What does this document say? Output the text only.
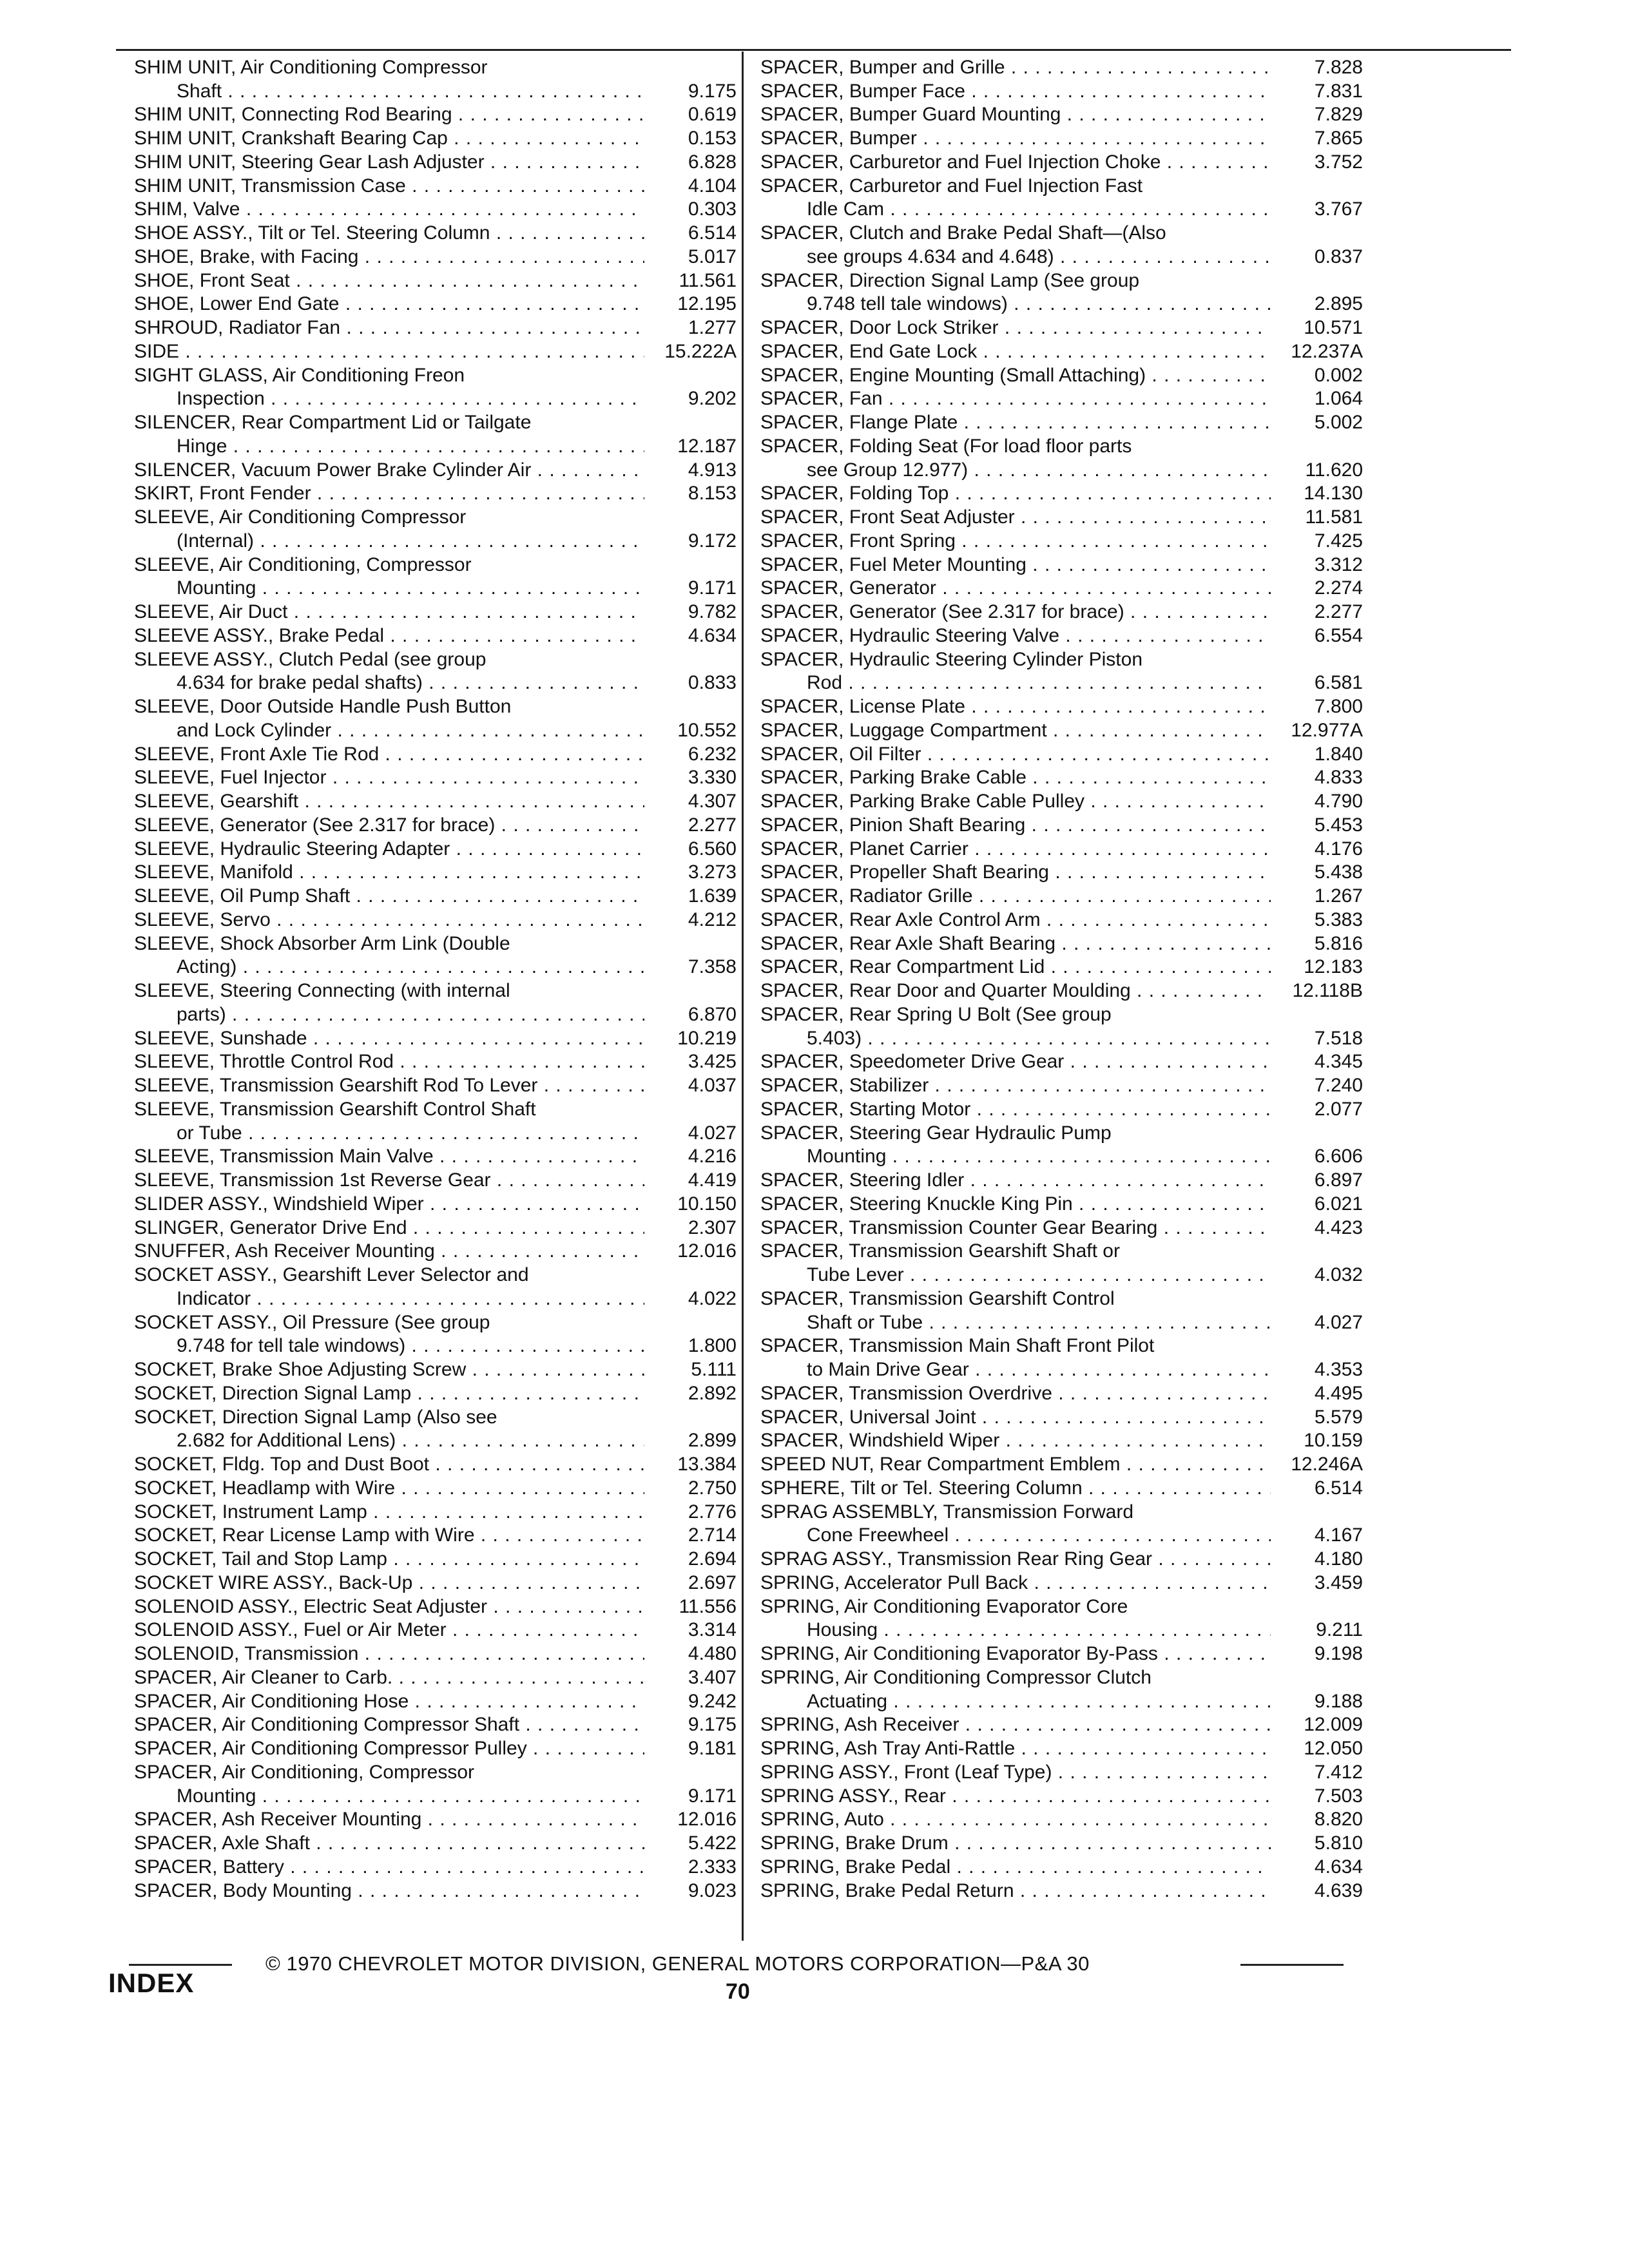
SHIM UNIT, Air Conditioning Compressor
Shaft . . .	9.175
SHIM UNIT, Connecting Rod Bearing . . .	0.619
SHIM UNIT, Crankshaft Bearing Cap . . .	0.153
SHIM UNIT, Steering Gear Lash Adjuster . . .	6.828
SHIM UNIT, Transmission Case . . .	4.104
SHIM, Valve . . .	0.303
SHOE ASSY., Tilt or Tel. Steering Column . . .	6.514
SHOE, Brake, with Facing . . .	5.017
SHOE, Front Seat . . .	11.561
SHOE, Lower End Gate . . .	12.195
SHROUD, Radiator Fan . . .	1.277
SIDE . . .	15.222A
SIGHT GLASS, Air Conditioning Freon
Inspection . . .	9.202
SILENCER, Rear Compartment Lid or Tailgate
Hinge . . .	12.187
SILENCER, Vacuum Power Brake Cylinder Air . . .	4.913
SKIRT, Front Fender . . .	8.153
SLEEVE, Air Conditioning Compressor
(Internal) . . .	9.172
SLEEVE, Air Conditioning, Compressor
Mounting . . .	9.171
SLEEVE, Air Duct . . .	9.782
SLEEVE ASSY., Brake Pedal . . .	4.634
SLEEVE ASSY., Clutch Pedal (see group
4.634 for brake pedal shafts) . . .	0.833
SLEEVE, Door Outside Handle Push Button
and Lock Cylinder . . .	10.552
SLEEVE, Front Axle Tie Rod . . .	6.232
SLEEVE, Fuel Injector . . .	3.330
SLEEVE, Gearshift . . .	4.307
SLEEVE, Generator (See 2.317 for brace) . . .	2.277
SLEEVE, Hydraulic Steering Adapter . . .	6.560
SLEEVE, Manifold . . .	3.273
SLEEVE, Oil Pump Shaft . . .	1.639
SLEEVE, Servo . . .	4.212
SLEEVE, Shock Absorber Arm Link (Double
Acting) . . .	7.358
SLEEVE, Steering Connecting (with internal
parts) . . .	6.870
SLEEVE, Sunshade . . .	10.219
SLEEVE, Throttle Control Rod . . .	3.425
SLEEVE, Transmission Gearshift Rod To Lever . . .	4.037
SLEEVE, Transmission Gearshift Control Shaft
or Tube . . .	4.027
SLEEVE, Transmission Main Valve . . .	4.216
SLEEVE, Transmission 1st Reverse Gear . . .	4.419
SLIDER ASSY., Windshield Wiper . . .	10.150
SLINGER, Generator Drive End . . .	2.307
SNUFFER, Ash Receiver Mounting . . .	12.016
SOCKET ASSY., Gearshift Lever Selector and
Indicator . . .	4.022
SOCKET ASSY., Oil Pressure (See group
9.748 for tell tale windows) . . .	1.800
SOCKET, Brake Shoe Adjusting Screw . . .	5.111
SOCKET, Direction Signal Lamp . . .	2.892
SOCKET, Direction Signal Lamp (Also see
2.682 for Additional Lens) . . .	2.899
SOCKET, Fldg. Top and Dust Boot . . .	13.384
SOCKET, Headlamp with Wire . . .	2.750
SOCKET, Instrument Lamp . . .	2.776
SOCKET, Rear License Lamp with Wire . . .	2.714
SOCKET, Tail and Stop Lamp . . .	2.694
SOCKET WIRE ASSY., Back-Up . . .	2.697
SOLENOID ASSY., Electric Seat Adjuster . . .	11.556
SOLENOID ASSY., Fuel or Air Meter . . .	3.314
SOLENOID, Transmission . . .	4.480
SPACER, Air Cleaner to Carb. . . .	3.407
SPACER, Air Conditioning Hose . . .	9.242
SPACER, Air Conditioning Compressor Shaft . . .	9.175
SPACER, Air Conditioning Compressor Pulley . . .	9.181
SPACER, Air Conditioning, Compressor
Mounting . . .	9.171
SPACER, Ash Receiver Mounting . . .	12.016
SPACER, Axle Shaft . . .	5.422
SPACER, Battery . . .	2.333
SPACER, Body Mounting . . .	9.023
SPACER, Bumper and Grille . . .	7.828
SPACER, Bumper Face . . .	7.831
SPACER, Bumper Guard Mounting . . .	7.829
SPACER, Bumper . . .	7.865
SPACER, Carburetor and Fuel Injection Choke . . .	3.752
SPACER, Carburetor and Fuel Injection Fast
Idle Cam . . .	3.767
SPACER, Clutch and Brake Pedal Shaft—(Also
see groups 4.634 and 4.648) . . .	0.837
SPACER, Direction Signal Lamp (See group
9.748 tell tale windows) . . .	2.895
SPACER, Door Lock Striker . . .	10.571
SPACER, End Gate Lock . . .	12.237A
SPACER, Engine Mounting (Small Attaching) . . .	0.002
SPACER, Fan . . .	1.064
SPACER, Flange Plate . . .	5.002
SPACER, Folding Seat (For load floor parts
see Group 12.977) . . .	11.620
SPACER, Folding Top . . .	14.130
SPACER, Front Seat Adjuster . . .	11.581
SPACER, Front Spring . . .	7.425
SPACER, Fuel Meter Mounting . . .	3.312
SPACER, Generator . . .	2.274
SPACER, Generator (See 2.317 for brace) . . .	2.277
SPACER, Hydraulic Steering Valve . . .	6.554
SPACER, Hydraulic Steering Cylinder Piston
Rod . . .	6.581
SPACER, License Plate . . .	7.800
SPACER, Luggage Compartment . . .	12.977A
SPACER, Oil Filter . . .	1.840
SPACER, Parking Brake Cable . . .	4.833
SPACER, Parking Brake Cable Pulley . . .	4.790
SPACER, Pinion Shaft Bearing . . .	5.453
SPACER, Planet Carrier . . .	4.176
SPACER, Propeller Shaft Bearing . . .	5.438
SPACER, Radiator Grille . . .	1.267
SPACER, Rear Axle Control Arm . . .	5.383
SPACER, Rear Axle Shaft Bearing . . .	5.816
SPACER, Rear Compartment Lid . . .	12.183
SPACER, Rear Door and Quarter Moulding . . .	12.118B
SPACER, Rear Spring U Bolt (See group
5.403) . . .	7.518
SPACER, Speedometer Drive Gear . . .	4.345
SPACER, Stabilizer . . .	7.240
SPACER, Starting Motor . . .	2.077
SPACER, Steering Gear Hydraulic Pump
Mounting . . .	6.606
SPACER, Steering Idler . . .	6.897
SPACER, Steering Knuckle King Pin . . .	6.021
SPACER, Transmission Counter Gear Bearing . . .	4.423
SPACER, Transmission Gearshift Shaft or
Tube Lever . . .	4.032
SPACER, Transmission Gearshift Control
Shaft or Tube . . .	4.027
SPACER, Transmission Main Shaft Front Pilot
to Main Drive Gear . . .	4.353
SPACER, Transmission Overdrive . . .	4.495
SPACER, Universal Joint . . .	5.579
SPACER, Windshield Wiper . . .	10.159
SPEED NUT, Rear Compartment Emblem . . .	12.246A
SPHERE, Tilt or Tel. Steering Column . . .	6.514
SPRAG ASSEMBLY, Transmission Forward
Cone Freewheel . . .	4.167
SPRAG ASSY., Transmission Rear Ring Gear . . .	4.180
SPRING, Accelerator Pull Back . . .	3.459
SPRING, Air Conditioning Evaporator Core
Housing . . .	9.211
SPRING, Air Conditioning Evaporator By-Pass . . .	9.198
SPRING, Air Conditioning Compressor Clutch
Actuating . . .	9.188
SPRING, Ash Receiver . . .	12.009
SPRING, Ash Tray Anti-Rattle . . .	12.050
SPRING ASSY., Front (Leaf Type) . . .	7.412
SPRING ASSY., Rear . . .	7.503
SPRING, Auto . . .	8.820
SPRING, Brake Drum . . .	5.810
SPRING, Brake Pedal . . .	4.634
SPRING, Brake Pedal Return . . .	4.639
© 1970 CHEVROLET MOTOR DIVISION, GENERAL MOTORS CORPORATION—P&A 30
INDEX	70
